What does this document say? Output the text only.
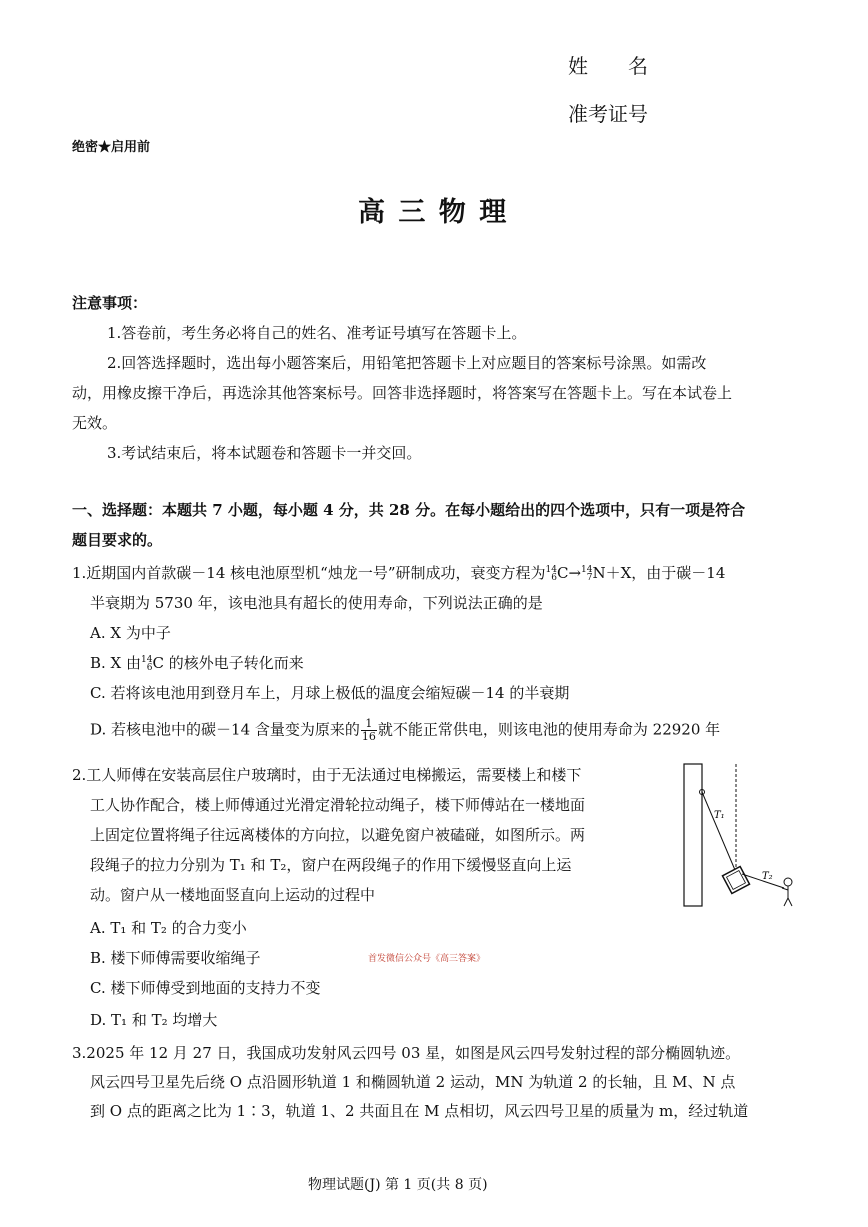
姓　　名
准考证号
绝密★启用前
高 三 物 理
注意事项：
1.答卷前，考生务必将自己的姓名、准考证号填写在答题卡上。
2.回答选择题时，选出每小题答案后，用铅笔把答题卡上对应题目的答案标号涂黑。如需改
动，用橡皮擦干净后，再选涂其他答案标号。回答非选择题时，将答案写在答题卡上。写在本试卷上
无效。
3.考试结束后，将本试题卷和答题卡一并交回。
一、选择题：本题共 7 小题，每小题 4 分，共 28 分。在每小题给出的四个选项中，只有一项是符合
题目要求的。
1.近期国内首款碳－14 核电池原型机“烛龙一号”研制成功，衰变方程为 14
6 C→ 14
7 N＋X，由于碳－14
半衰期为 5730 年，该电池具有超长的使用寿命，下列说法正确的是
A. X 为中子
B. X 由 14
6 C 的核外电子转化而来
C. 若将该电池用到登月车上，月球上极低的温度会缩短碳－14 的半衰期
D. 若核电池中的碳－14 含量变为原来的 $\frac{1}{16}$ 就不能正常供电，则该电池的使用寿命为 22920 年
2.工人师傅在安装高层住户玻璃时，由于无法通过电梯搬运，需要楼上和楼下
工人协作配合，楼上师傅通过光滑定滑轮拉动绳子，楼下师傅站在一楼地面
上固定位置将绳子往远离楼体的方向拉，以避免窗户被磕碰，如图所示。两
段绳子的拉力分别为 T₁ 和 T₂，窗户在两段绳子的作用下缓慢竖直向上运
动。窗户从一楼地面竖直向上运动的过程中
A. T₁ 和 T₂ 的合力变小
B. 楼下师傅需要收缩绳子	首发微信公众号《高三答案》
C. 楼下师傅受到地面的支持力不变
D. T₁ 和 T₂ 均增大
T₁
T₂
3.2025 年 12 月 27 日，我国成功发射风云四号 03 星，如图是风云四号发射过程的部分椭圆轨迹。
风云四号卫星先后绕 O 点沿圆形轨道 1 和椭圆轨道 2 运动，MN 为轨道 2 的长轴，且 M、N 点
到 O 点的距离之比为 1∶3，轨道 1、2 共面且在 M 点相切，风云四号卫星的质量为 m，经过轨道
物理试题(J) 第 1 页(共 8 页)
